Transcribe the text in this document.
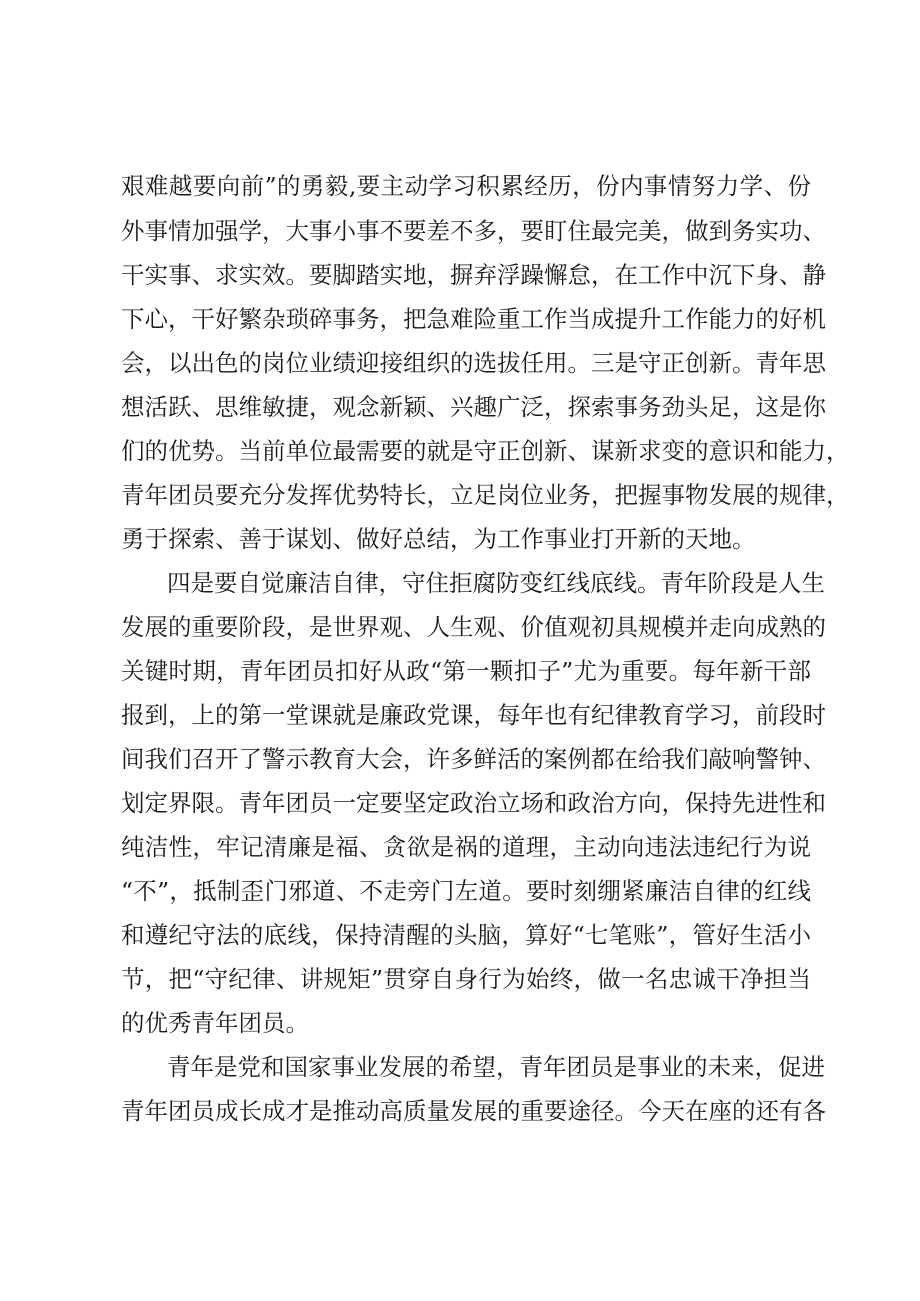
艰难越要向前”的勇毅,要主动学习积累经历，份内事情努力学、份
外事情加强学，大事小事不要差不多，要盯住最完美，做到务实功、
干实事、求实效。要脚踏实地，摒弃浮躁懈怠，在工作中沉下身、静
下心，干好繁杂琐碎事务，把急难险重工作当成提升工作能力的好机
会，以出色的岗位业绩迎接组织的选拔任用。三是守正创新。青年思
想活跃、思维敏捷，观念新颖、兴趣广泛，探索事务劲头足，这是你
们的优势。当前单位最需要的就是守正创新、谋新求变的意识和能力，
青年团员要充分发挥优势特长，立足岗位业务，把握事物发展的规律，
勇于探索、善于谋划、做好总结，为工作事业打开新的天地。
四是要自觉廉洁自律，守住拒腐防变红线底线。青年阶段是人生
发展的重要阶段，是世界观、人生观、价值观初具规模并走向成熟的
关键时期，青年团员扣好从政“第一颗扣子”尤为重要。每年新干部
报到，上的第一堂课就是廉政党课，每年也有纪律教育学习，前段时
间我们召开了警示教育大会，许多鲜活的案例都在给我们敲响警钟、
划定界限。青年团员一定要坚定政治立场和政治方向，保持先进性和
纯洁性，牢记清廉是福、贪欲是祸的道理，主动向违法违纪行为说
“不”，抵制歪门邪道、不走旁门左道。要时刻绷紧廉洁自律的红线
和遵纪守法的底线，保持清醒的头脑，算好“七笔账”，管好生活小
节，把“守纪律、讲规矩”贯穿自身行为始终，做一名忠诚干净担当
的优秀青年团员。
青年是党和国家事业发展的希望，青年团员是事业的未来，促进
青年团员成长成才是推动高质量发展的重要途径。今天在座的还有各
